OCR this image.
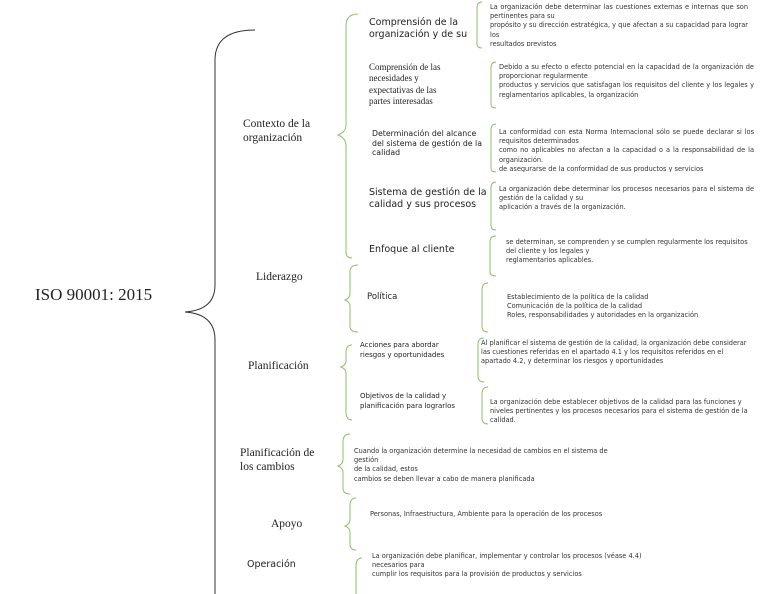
ISO 90001: 2015
Contexto de la
organización
Liderazgo
Planificación
Planificación de
los cambios
Apoyo
Operación
Comprensión de la
organización y de su
Comprensión de las
necesidades y
expectativas de las
partes interesadas
Determinación del alcance
del sistema de gestión de la
calidad
Sistema de gestión de la
calidad y sus procesos
Enfoque al cliente
La organización debe determinar las cuestiones externas e internas que son pertinentes para su
propósito y su dirección estratégica, y que afectan a su capacidad para lograr los
resultados previstos
Debido a su efecto o efecto potencial en la capacidad de la organización de proporcionar regularmente
productos y servicios que satisfagan los requisitos del cliente y los legales y reglamentarios aplicables, la organización
La conformidad con esta Norma Internacional sólo se puede declarar si los requisitos determinados
como no aplicables no afectan a la capacidad o a la responsabilidad de la organización.
de asegurarse de la conformidad de sus productos y servicios
La organización debe determinar los procesos necesarios para el sistema de gestión de la calidad y su
aplicación a través de la organización.
se determinan, se comprenden y se cumplen regularmente los requisitos del cliente y los legales y
reglamentarios aplicables.
Política	Establecimiento de la política de la calidad
Comunicación de la política de la calidad
Roles, responsabilidades y autoridades en la organización
Acciones para abordar
riesgos y oportunidades
Al planificar el sistema de gestión de la calidad, la organización debe considerar las cuestiones referidas en el apartado 4.1 y los requisitos referidos en el apartado 4.2, y determinar los riesgos y oportunidades
Objetivos de la calidad y
planificación para lograrlos
La organización debe establecer objetivos de la calidad para las funciones y niveles pertinentes y los procesos necesarios para el sistema de gestión de la calidad.
Cuando la organización determine la necesidad de cambios en el sistema de gestión
de la calidad, estos
cambios se deben llevar a cabo de manera planificada
Personas, Infraestructura, Ambiente para la operación de los procesos
La organización debe planificar, implementar y controlar los procesos (véase 4.4)
necesarios para
cumplir los requisitos para la provisión de productos y servicios
